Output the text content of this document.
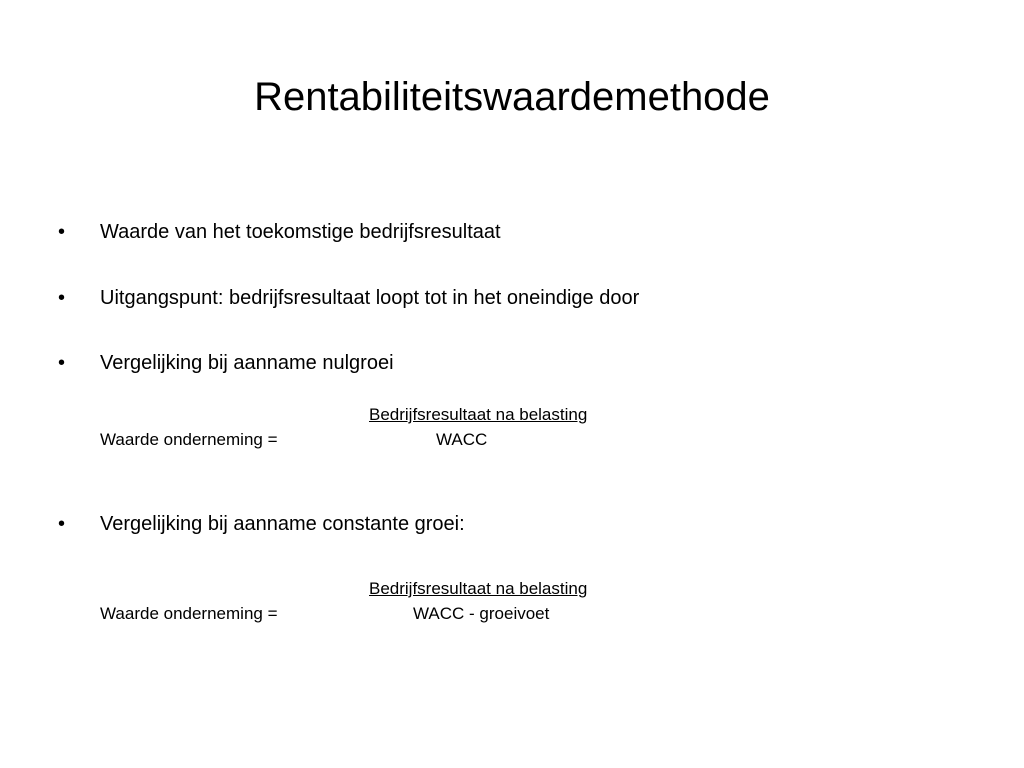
Rentabiliteitswaardemethode
• Waarde van het toekomstige bedrijfsresultaat
• Uitgangspunt: bedrijfsresultaat loopt tot in het oneindige door
• Vergelijking bij aanname nulgroei
Bedrijfsresultaat na belasting
Waarde onderneming =	WACC
• Vergelijking bij aanname constante groei:
Bedrijfsresultaat na belasting
Waarde onderneming =	WACC - groeivoet
